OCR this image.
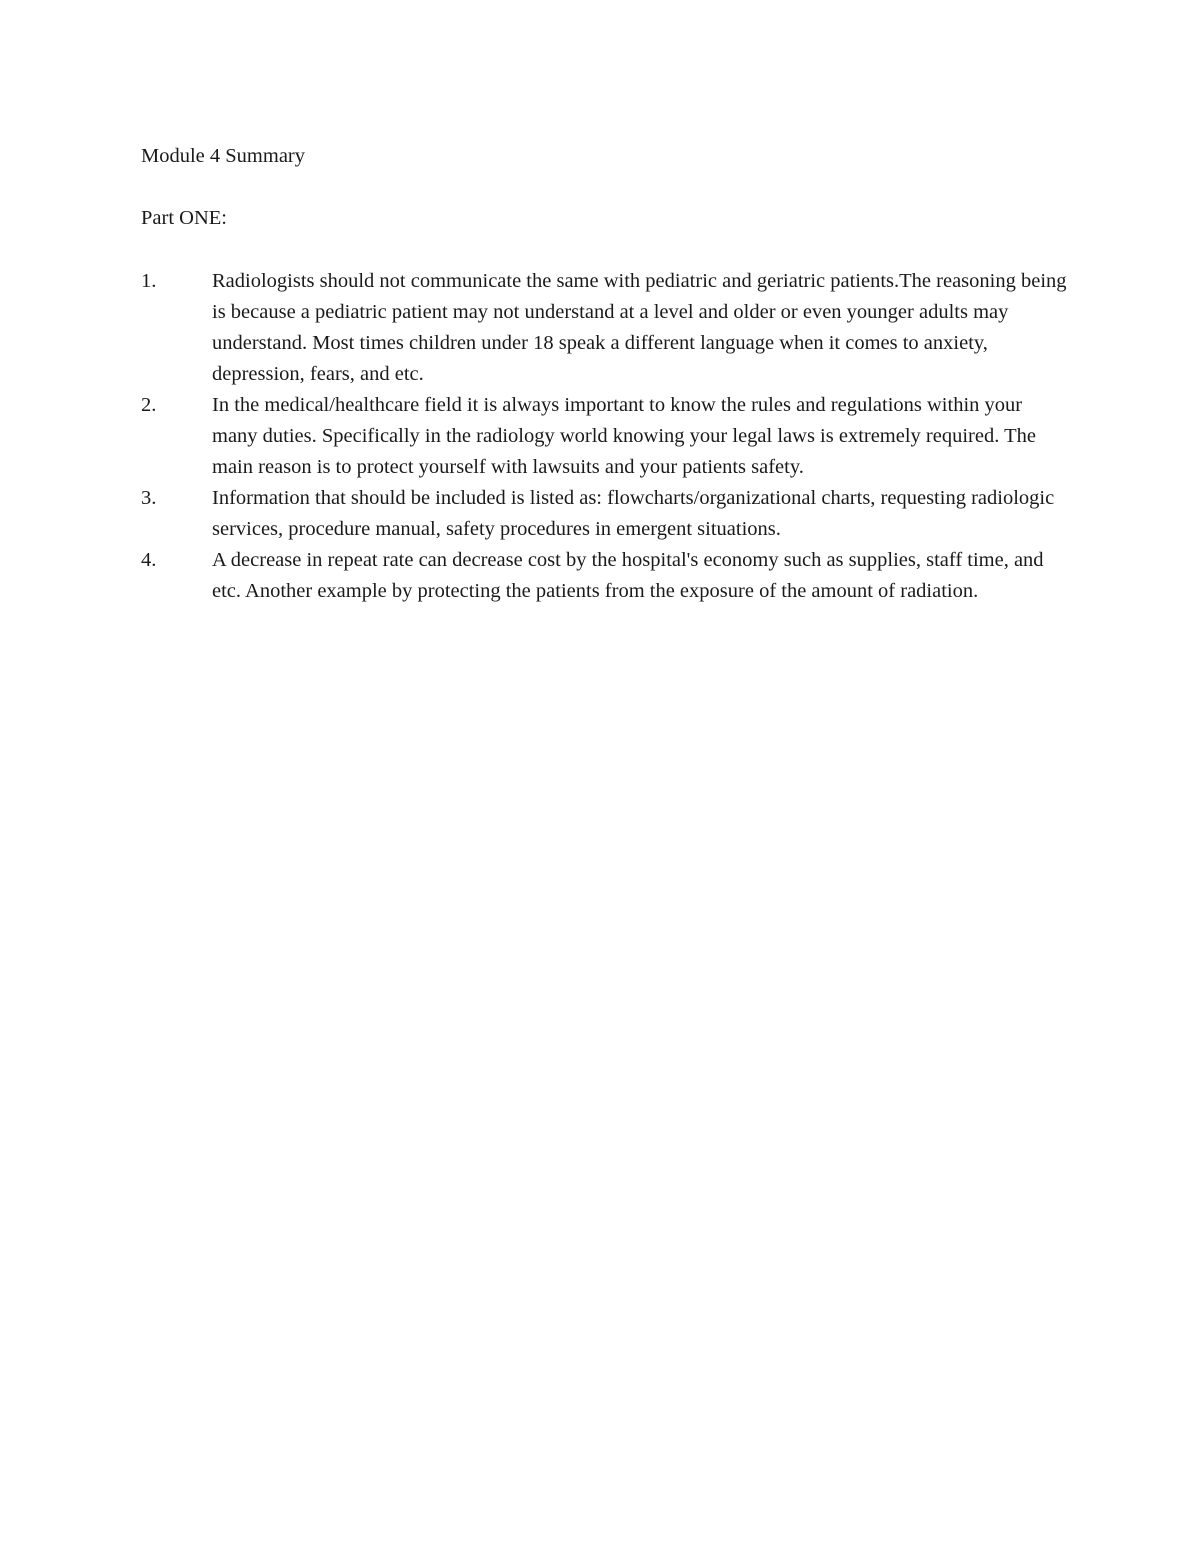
Module 4 Summary

Part ONE:

1.	Radiologists should not communicate the same with pediatric and geriatric patients.The reasoning being is because a pediatric patient may not understand at a level and older or even younger adults may understand. Most times children under 18 speak a different language when it comes to anxiety, depression, fears, and etc.

2.	In the medical/healthcare field it is always important to know the rules and regulations within your many duties. Specifically in the radiology world knowing your legal laws is extremely required. The main reason is to protect yourself with lawsuits and your patients safety.

3.	Information that should be included is listed as: flowcharts/organizational charts, requesting radiologic services, procedure manual, safety procedures in emergent situations.

4.	A decrease in repeat rate can decrease cost by the hospital's economy such as supplies, staff time, and etc. Another example by protecting the patients from the exposure of the amount of radiation.
